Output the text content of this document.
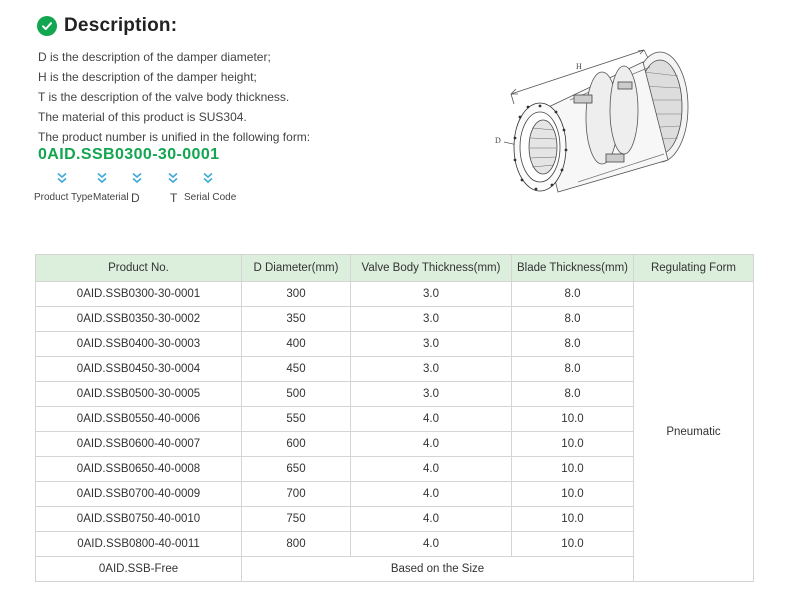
Description:
D is the description of the damper diameter;
H is the description of the damper height;
T is the description of the valve body thickness.
The material of this product is SUS304.
The product number is unified in the following form:
0AID.SSB0300-30-0001
Product Type Material D	T Serial Code
H
D
Product No.	D Diameter(mm)	Valve Body Thickness(mm)	Blade Thickness(mm)	Regulating Form
0AID.SSB0300-30-0001	300	3.0	8.0	Pneumatic
0AID.SSB0350-30-0002	350	3.0	8.0	
0AID.SSB0400-30-0003	400	3.0	8.0	
0AID.SSB0450-30-0004	450	3.0	8.0	
0AID.SSB0500-30-0005	500	3.0	8.0	
0AID.SSB0550-40-0006	550	4.0	10.0	
0AID.SSB0600-40-0007	600	4.0	10.0	
0AID.SSB0650-40-0008	650	4.0	10.0	
0AID.SSB0700-40-0009	700	4.0	10.0	
0AID.SSB0750-40-0010	750	4.0	10.0	
0AID.SSB0800-40-0011	800	4.0	10.0	
0AID.SSB-Free	Based on the Size			
